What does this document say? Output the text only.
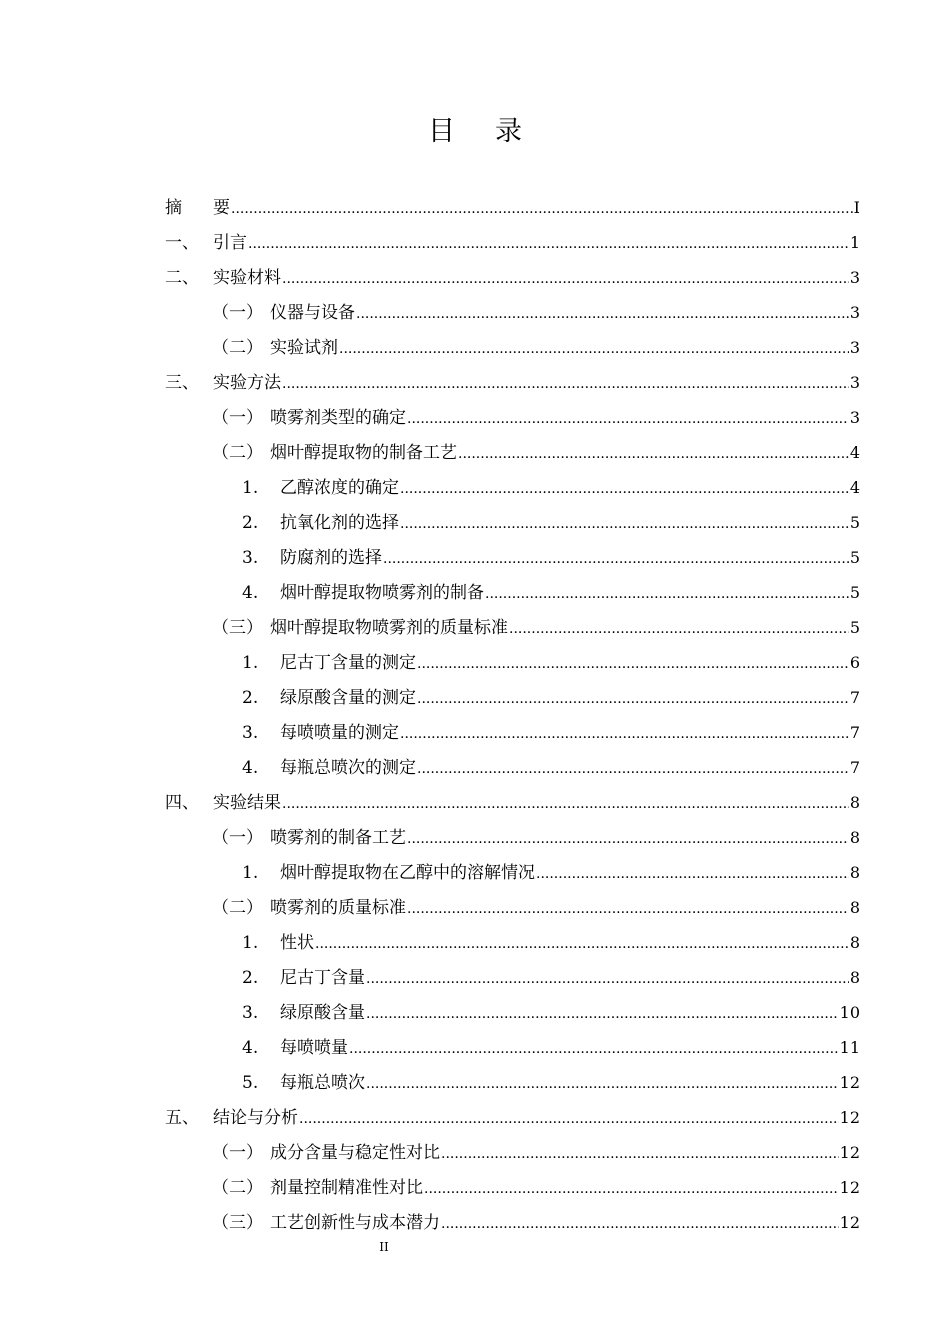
目 录
摘	要 .....	I
一、 引言 .....	1
二、 实验材料 .....	3
（一） 仪器与设备 .....	3
（二） 实验试剂 .....	3
三、 实验方法 .....	3
（一） 喷雾剂类型的确定 .....	3
（二） 烟叶醇提取物的制备工艺 .....	4
1.	乙醇浓度的确定 .....	4
2.	抗氧化剂的选择 .....	5
3.	防腐剂的选择 .....	5
4.	烟叶醇提取物喷雾剂的制备 .....	5
（三） 烟叶醇提取物喷雾剂的质量标准 .....	5
1.	尼古丁含量的测定 .....	6
2.	绿原酸含量的测定 .....	7
3.	每喷喷量的测定 .....	7
4.	每瓶总喷次的测定 .....	7
四、 实验结果 .....	8
（一） 喷雾剂的制备工艺 .....	8
1.	烟叶醇提取物在乙醇中的溶解情况 .....	8
（二） 喷雾剂的质量标准 .....	8
1.	性状 .....	8
2.	尼古丁含量 .....	8
3.	绿原酸含量 .....	10
4.	每喷喷量 .....	11
5.	每瓶总喷次 .....	12
五、 结论与分析 .....	12
（一） 成分含量与稳定性对比 .....	12
（二） 剂量控制精准性对比 .....	12
（三） 工艺创新性与成本潜力 .....	12
II
